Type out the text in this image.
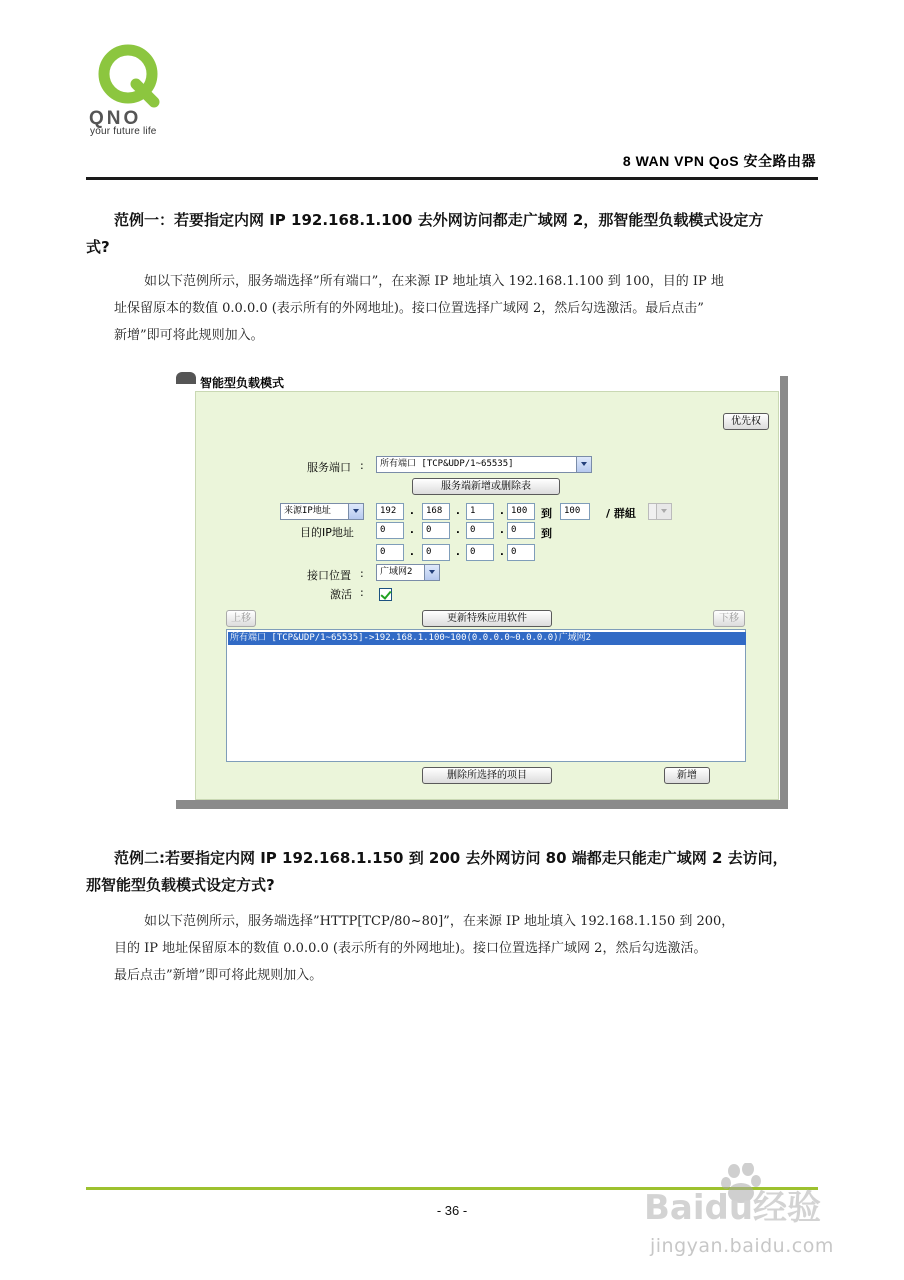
QNO
your future life
8 WAN VPN QoS 安全路由器
范例一：若要指定内网 IP 192.168.1.100 去外网访问都走广域网 2，那智能型负载模式设定方
式?
如以下范例所示，服务端选择”所有端口”，在来源 IP 地址填入 192.168.1.100 到 100，目的 IP 地
址保留原本的数值 0.0.0.0 (表示所有的外网地址)。接口位置选择广域网 2，然后勾选激活。最后点击”
新增”即可将此规则加入。
智能型负载模式
优先权
服务端口 :	所有端口 [TCP&UDP/1~65535]
服务端新增或删除表
来源IP地址	192	.	168	.	1	. 100	到	100	/ 群組
目的IP地址	0	.	0	.	0	. 0	到
0	.	0	.	0	. 0
接口位置 :	广域网2
激活 :
上移	更新特殊应用软件	下移
所有端口 [TCP&UDP/1~65535]->192.168.1.100~100(0.0.0.0~0.0.0.0)广域网2
删除所选择的项目	新增
范例二:若要指定内网 IP 192.168.1.150 到 200 去外网访问 80 端都走只能走广域网 2 去访问，
那智能型负载模式设定方式?
如以下范例所示，服务端选择”HTTP[TCP/80~80]”，在来源 IP 地址填入 192.168.1.150 到 200，
目的 IP 地址保留原本的数值 0.0.0.0 (表示所有的外网地址)。接口位置选择广域网 2，然后勾选激活。
最后点击”新增”即可将此规则加入。
- 36 -	Baidu经验
jingyan.baidu.com
